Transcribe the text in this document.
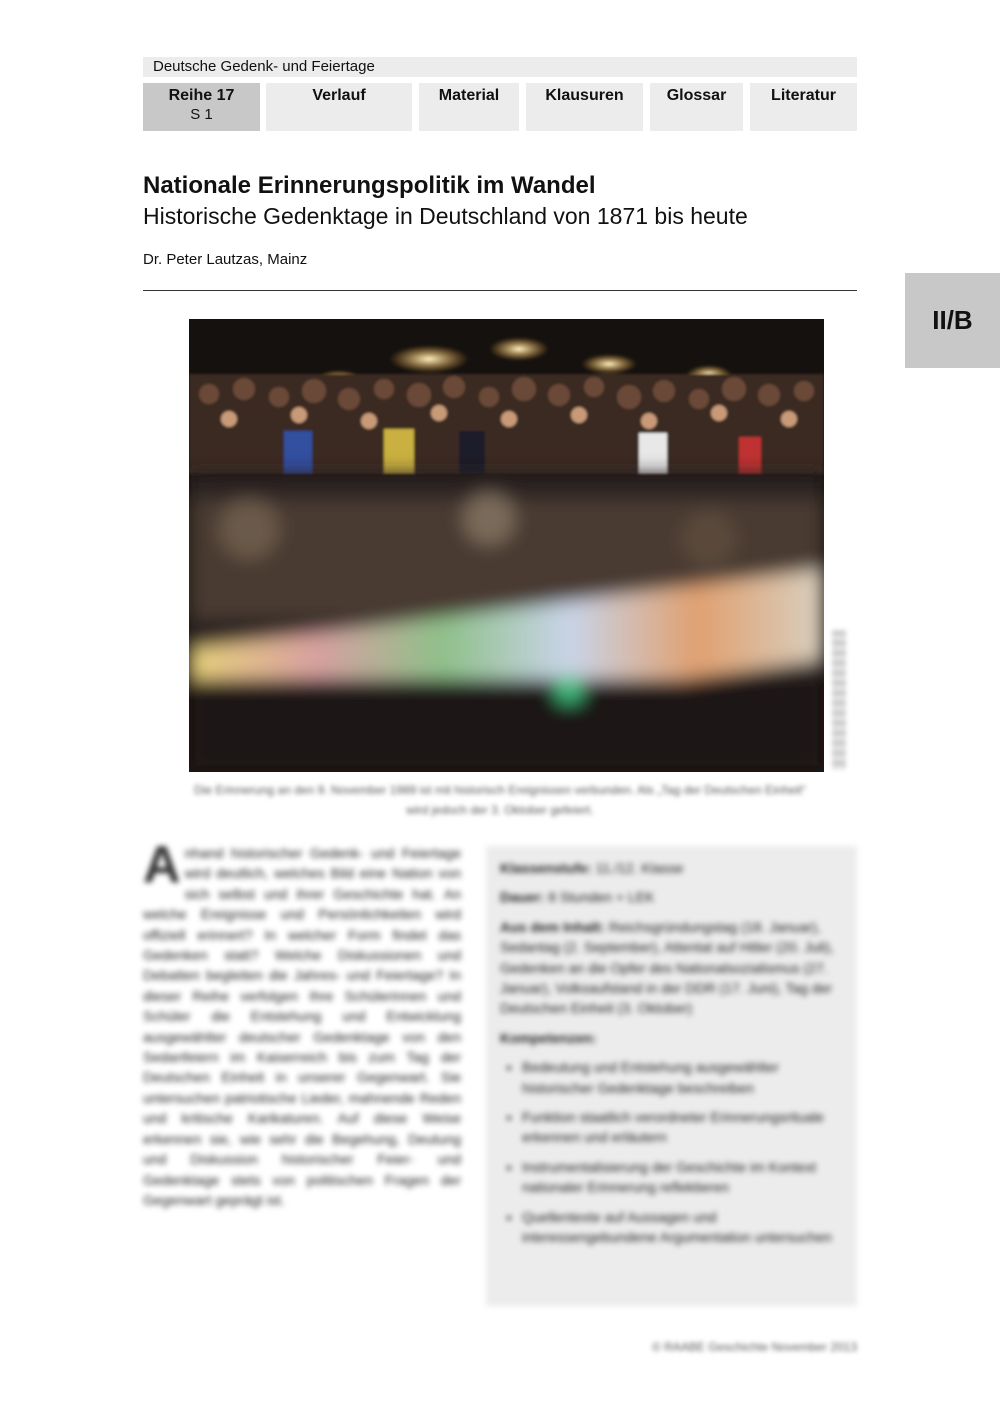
Deutsche Gedenk- und Feiertage
Reihe 17
S 1
Verlauf	Material	Klausuren	Glossar	Literatur
Nationale Erinnerungspolitik im Wandel
Historische Gedenktage in Deutschland von 1871 bis heute
Dr. Peter Lautzas, Mainz
II/B
Die Erinnerung an den 9. November 1989 ist mit historisch Ereignissen verbunden. Als „Tag der Deutschen Einheit“ wird jedoch der 3. Oktober gefeiert.
Anhand historischer Gedenk- und Feiertage wird deutlich, welches Bild eine Nation von sich selbst und ihrer Geschichte hat. An welche Ereignisse und Persönlichkeiten wird offiziell erinnert? In welcher Form findet das Gedenken statt? Welche Diskussionen und Debatten begleiten die Jahres- und Feiertage? In dieser Reihe verfolgen Ihre Schülerinnen und Schüler die Entstehung und Entwicklung ausgewählter deutscher Gedenktage von den Sedanfeiern im Kaiserreich bis zum Tag der Deutschen Einheit in unserer Gegenwart. Sie untersuchen patriotische Lieder, mahnende Reden und kritische Karikaturen. Auf diese Weise erkennen sie, wie sehr die Begehung, Deutung und Diskussion historischer Feier- und Gedenktage stets von politischen Fragen der Gegenwart geprägt ist.

Klassenstufe: 11./12. Klasse

Dauer: 8 Stunden + LEK

Aus dem Inhalt: Reichsgründungstag (18. Januar), Sedantag (2. September), Attentat auf Hitler (20. Juli), Gedenken an die Opfer des Nationalsozialismus (27. Januar), Volksaufstand in der DDR (17. Juni), Tag der Deutschen Einheit (3. Oktober)

Kompetenzen:

• Bedeutung und Entstehung ausgewählter historischer Gedenktage beschreiben
• Funktion staatlich verordneter Erinnerungsrituale erkennen und erläutern
• Instrumentalisierung der Geschichte im Kontext nationaler Erinnerung reflektieren
• Quellentexte auf Aussagen und interessengebundene Argumentation untersuchen
© RAABE Geschichte November 2013
